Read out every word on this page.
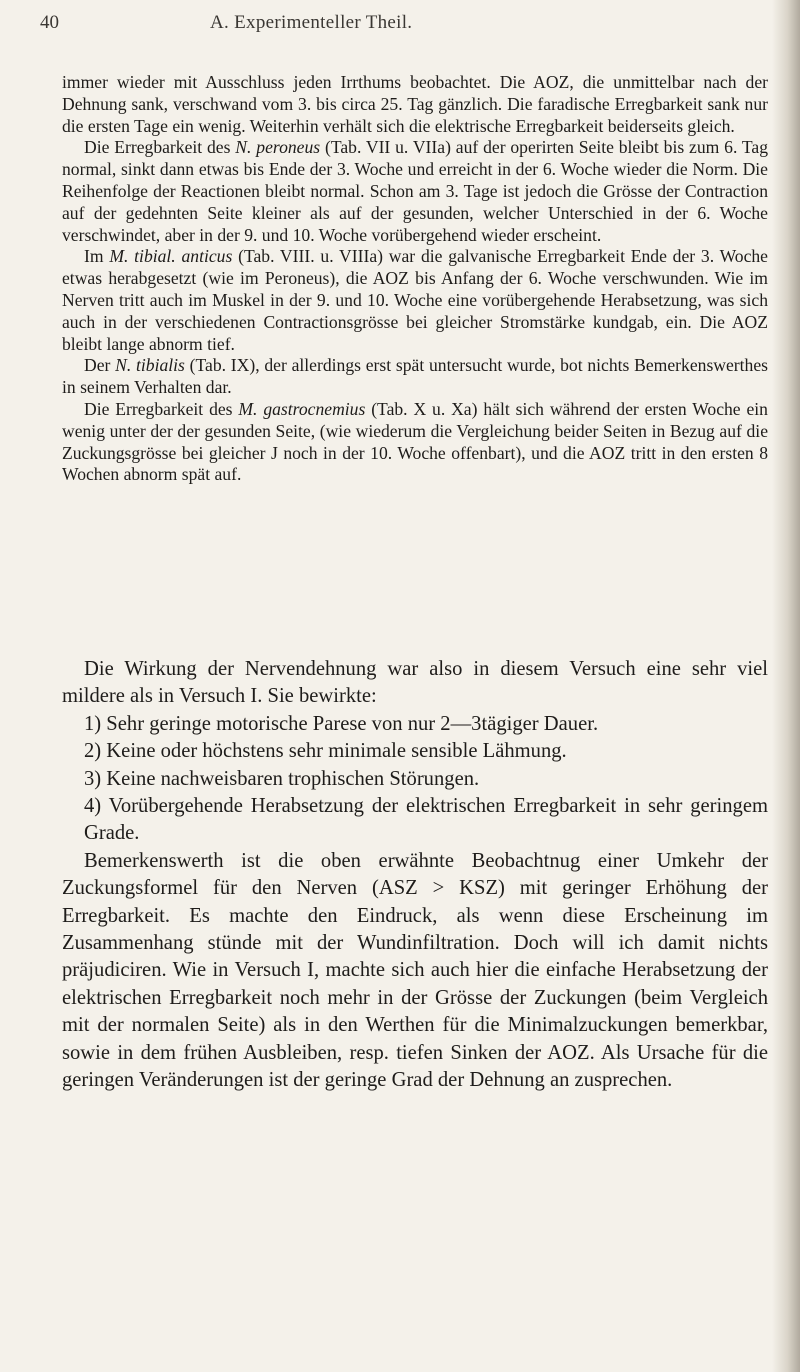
40	A. Experimenteller Theil.

immer wieder mit Ausschluss jeden Irrthums beobachtet. Die AOZ, die unmittelbar nach der Dehnung sank, verschwand vom 3. bis circa 25. Tag gänzlich. Die faradische Erregbarkeit sank nur die ersten Tage ein wenig. Weiterhin verhält sich die elektrische Erregbarkeit beiderseits gleich.

Die Erregbarkeit des N. peroneus (Tab. VII u. VIIa) auf der operirten Seite bleibt bis zum 6. Tag normal, sinkt dann etwas bis Ende der 3. Woche und erreicht in der 6. Woche wieder die Norm. Die Reihenfolge der Reactionen bleibt normal. Schon am 3. Tage ist jedoch die Grösse der Contraction auf der gedehnten Seite kleiner als auf der gesunden, welcher Unterschied in der 6. Woche verschwindet, aber in der 9. und 10. Woche vorübergehend wieder erscheint.

Im M. tibial. anticus (Tab. VIII. u. VIIIa) war die galvanische Erregbarkeit Ende der 3. Woche etwas herabgesetzt (wie im Peroneus), die AOZ bis Anfang der 6. Woche verschwunden. Wie im Nerven tritt auch im Muskel in der 9. und 10. Woche eine vorübergehende Herabsetzung, was sich auch in der verschiedenen Contractionsgrösse bei gleicher Stromstärke kundgab, ein. Die AOZ bleibt lange abnorm tief.

Der N. tibialis (Tab. IX), der allerdings erst spät untersucht wurde, bot nichts Bemerkenswerthes in seinem Verhalten dar.

Die Erregbarkeit des M. gastrocnemius (Tab. X u. Xa) hält sich während der ersten Woche ein wenig unter der der gesunden Seite, (wie wiederum die Vergleichung beider Seiten in Bezug auf die Zuckungsgrösse bei gleicher J noch in der 10. Woche offenbart), und die AOZ tritt in den ersten 8 Wochen abnorm spät auf.

Die Wirkung der Nervendehnung war also in diesem Versuch eine sehr viel mildere als in Versuch I. Sie bewirkte:

1) Sehr geringe motorische Parese von nur 2—3tägiger Dauer.

2) Keine oder höchstens sehr minimale sensible Lähmung.

3) Keine nachweisbaren trophischen Störungen.

4) Vorübergehende Herabsetzung der elektrischen Erregbarkeit in sehr geringem Grade.

Bemerkenswerth ist die oben erwähnte Beobachtnug einer Umkehr der Zuckungsformel für den Nerven (ASZ > KSZ) mit geringer Erhöhung der Erregbarkeit. Es machte den Eindruck, als wenn diese Erscheinung im Zusammenhang stünde mit der Wundinfiltration. Doch will ich damit nichts präjudiciren. Wie in Versuch I, machte sich auch hier die einfache Herabsetzung der elektrischen Erregbarkeit noch mehr in der Grösse der Zuckungen (beim Vergleich mit der normalen Seite) als in den Werthen für die Minimalzuckungen bemerkbar, sowie in dem frühen Ausbleiben, resp. tiefen Sinken der AOZ. Als Ursache für die geringen Veränderungen ist der geringe Grad der Dehnung an zusprechen.
